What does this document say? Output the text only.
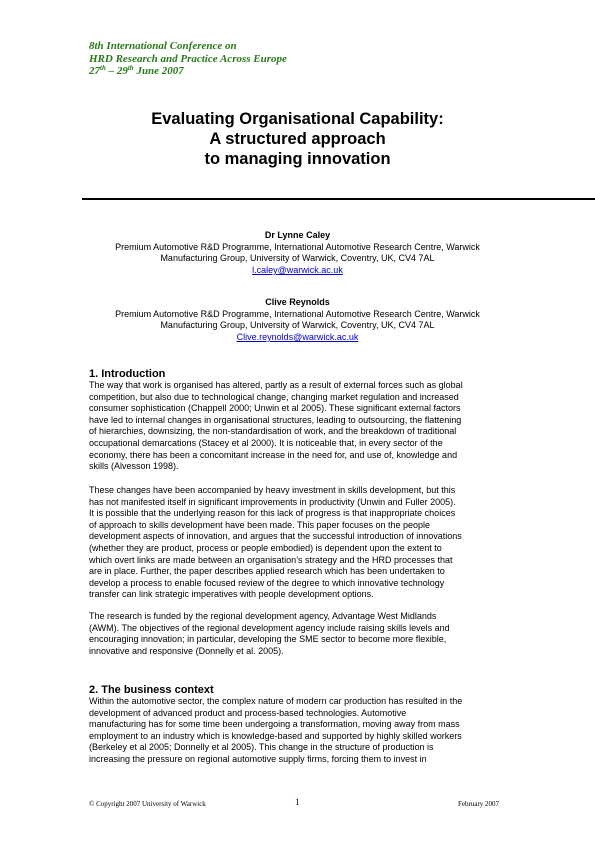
8th International Conference on
HRD Research and Practice Across Europe
27th – 29th June 2007
Evaluating Organisational Capability:
A structured approach
to managing innovation
Dr Lynne Caley
Premium Automotive R&D Programme, International Automotive Research Centre, Warwick
Manufacturing Group, University of Warwick, Coventry, UK, CV4 7AL
l.caley@warwick.ac.uk
Clive Reynolds
Premium Automotive R&D Programme, International Automotive Research Centre, Warwick
Manufacturing Group, University of Warwick, Coventry, UK, CV4 7AL
Clive.reynolds@warwick.ac.uk
1. Introduction
The way that work is organised has altered, partly as a result of external forces such as global
competition, but also due to technological change, changing market regulation and increased
consumer sophistication (Chappell 2000; Unwin et al 2005). These significant external factors
have led to internal changes in organisational structures, leading to outsourcing, the flattening
of hierarchies, downsizing, the non-standardisation of work, and the breakdown of traditional
occupational demarcations (Stacey et al 2000). It is noticeable that, in every sector of the
economy, there has been a concomitant increase in the need for, and use of, knowledge and
skills (Alvesson 1998).
These changes have been accompanied by heavy investment in skills development, but this
has not manifested itself in significant improvements in productivity (Unwin and Fuller 2005).
It is possible that the underlying reason for this lack of progress is that inappropriate choices
of approach to skills development have been made. This paper focuses on the people
development aspects of innovation, and argues that the successful introduction of innovations
(whether they are product, process or people embodied) is dependent upon the extent to
which overt links are made between an organisation’s strategy and the HRD processes that
are in place. Further, the paper describes applied research which has been undertaken to
develop a process to enable focused review of the degree to which innovative technology
transfer can link strategic imperatives with people development options.
The research is funded by the regional development agency, Advantage West Midlands
(AWM). The objectives of the regional development agency include raising skills levels and
encouraging innovation; in particular, developing the SME sector to become more flexible,
innovative and responsive (Donnelly et al. 2005).
2. The business context
Within the automotive sector, the complex nature of modern car production has resulted in the
development of advanced product and process-based technologies. Automotive
manufacturing has for some time been undergoing a transformation, moving away from mass
employment to an industry which is knowledge-based and supported by highly skilled workers
(Berkeley et al 2005; Donnelly et al 2005). This change in the structure of production is
increasing the pressure on regional automotive supply firms, forcing them to invest in
© Copyright 2007 University of Warwick	1	February 2007
